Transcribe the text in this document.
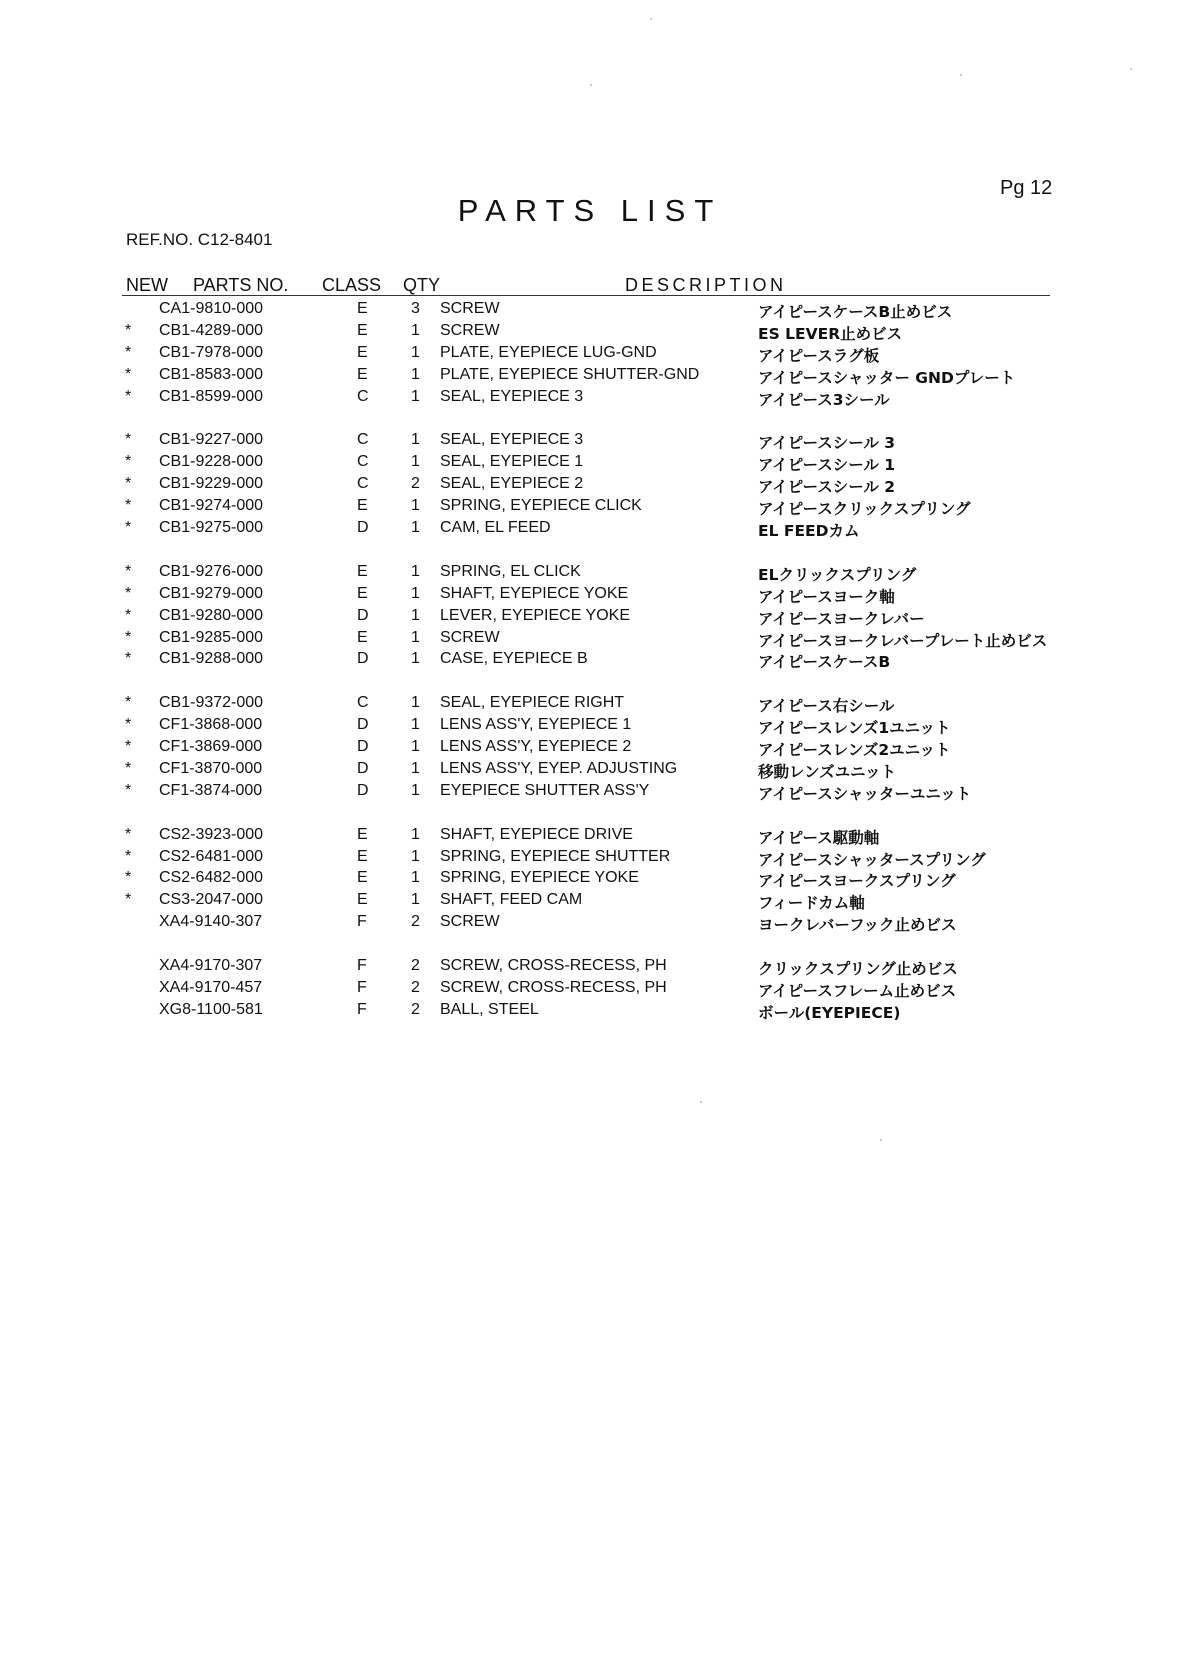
Pg 12
PARTS LIST
REF.NO. C12-8401
NEW PARTS NO. CLASS QTY	DESCRIPTION
CA1-9810-000	E	3 SCREW	アイピースケースB止めビス
* CB1-4289-000	E	1 SCREW	ES LEVER止めビス
* CB1-7978-000	E	1 PLATE, EYEPIECE LUG-GND	アイピースラグ板
* CB1-8583-000	E	1 PLATE, EYEPIECE SHUTTER-GND	アイピースシャッター GNDプレート
* CB1-8599-000	C	1 SEAL, EYEPIECE 3	アイピース3シール
* CB1-9227-000	C	1 SEAL, EYEPIECE 3	アイピースシール 3
* CB1-9228-000	C	1 SEAL, EYEPIECE 1	アイピースシール 1
* CB1-9229-000	C	2 SEAL, EYEPIECE 2	アイピースシール 2
* CB1-9274-000	E	1 SPRING, EYEPIECE CLICK	アイピースクリックスプリング
* CB1-9275-000	D	1 CAM, EL FEED	EL FEEDカム
* CB1-9276-000	E	1 SPRING, EL CLICK	ELクリックスプリング
* CB1-9279-000	E	1 SHAFT, EYEPIECE YOKE	アイピースヨーク軸
* CB1-9280-000	D	1 LEVER, EYEPIECE YOKE	アイピースヨークレバー
* CB1-9285-000	E	1 SCREW	アイピースヨークレバープレート止めビス
* CB1-9288-000	D	1 CASE, EYEPIECE B	アイピースケースB
* CB1-9372-000	C	1 SEAL, EYEPIECE RIGHT	アイピース右シール
* CF1-3868-000	D	1 LENS ASS'Y, EYEPIECE 1	アイピースレンズ1ユニット
* CF1-3869-000	D	1 LENS ASS'Y, EYEPIECE 2	アイピースレンズ2ユニット
* CF1-3870-000	D	1 LENS ASS'Y, EYEP. ADJUSTING	移動レンズユニット
* CF1-3874-000	D	1 EYEPIECE SHUTTER ASS'Y	アイピースシャッターユニット
* CS2-3923-000	E	1 SHAFT, EYEPIECE DRIVE	アイピース駆動軸
* CS2-6481-000	E	1 SPRING, EYEPIECE SHUTTER	アイピースシャッタースプリング
* CS2-6482-000	E	1 SPRING, EYEPIECE YOKE	アイピースヨークスプリング
* CS3-2047-000	E	1 SHAFT, FEED CAM	フィードカム軸
XA4-9140-307	F	2 SCREW	ヨークレバーフック止めビス
XA4-9170-307	F	2 SCREW, CROSS-RECESS, PH	クリックスプリング止めビス
XA4-9170-457	F	2 SCREW, CROSS-RECESS, PH	アイピースフレーム止めビス
XG8-1100-581	F	2 BALL, STEEL	ボール(EYEPIECE)
